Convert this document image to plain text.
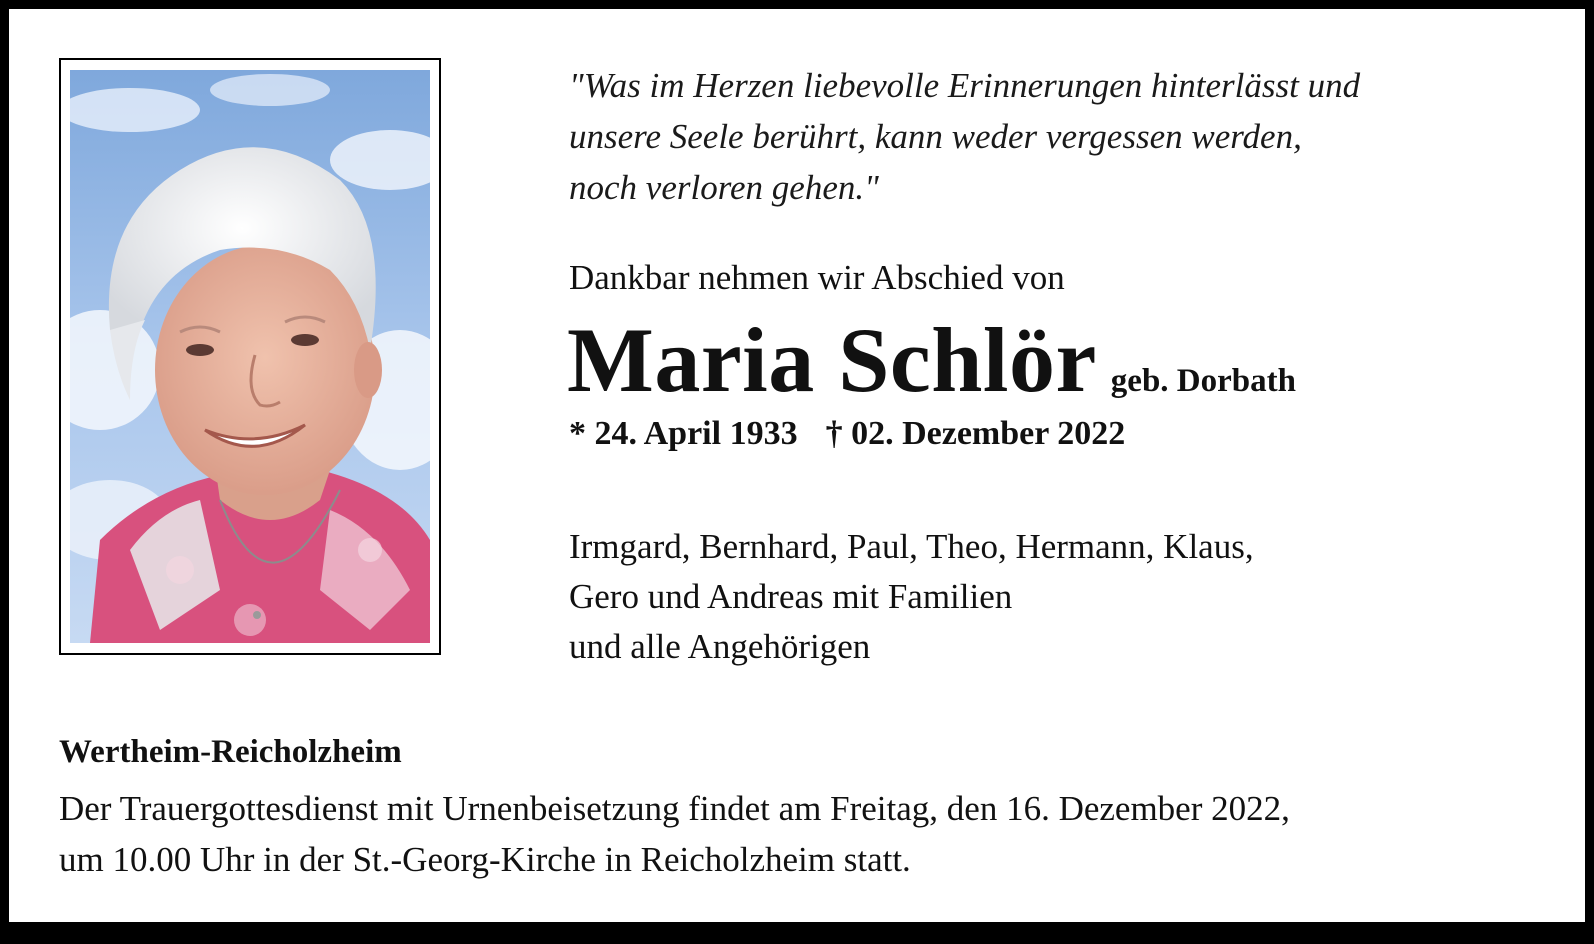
"Was im Herzen liebevolle Erinnerungen hinterlässt und
unsere Seele berührt, kann weder vergessen werden,
noch verloren gehen."
Dankbar nehmen wir Abschied von
Maria Schlör geb. Dorbath
* 24. April 1933 † 02. Dezember 2022
Irmgard, Bernhard, Paul, Theo, Hermann, Klaus,
Gero und Andreas mit Familien
und alle Angehörigen
Wertheim-Reicholzheim
Der Trauergottesdienst mit Urnenbeisetzung findet am Freitag, den 16. Dezember 2022,
um 10.00 Uhr in der St.-Georg-Kirche in Reicholzheim statt.
